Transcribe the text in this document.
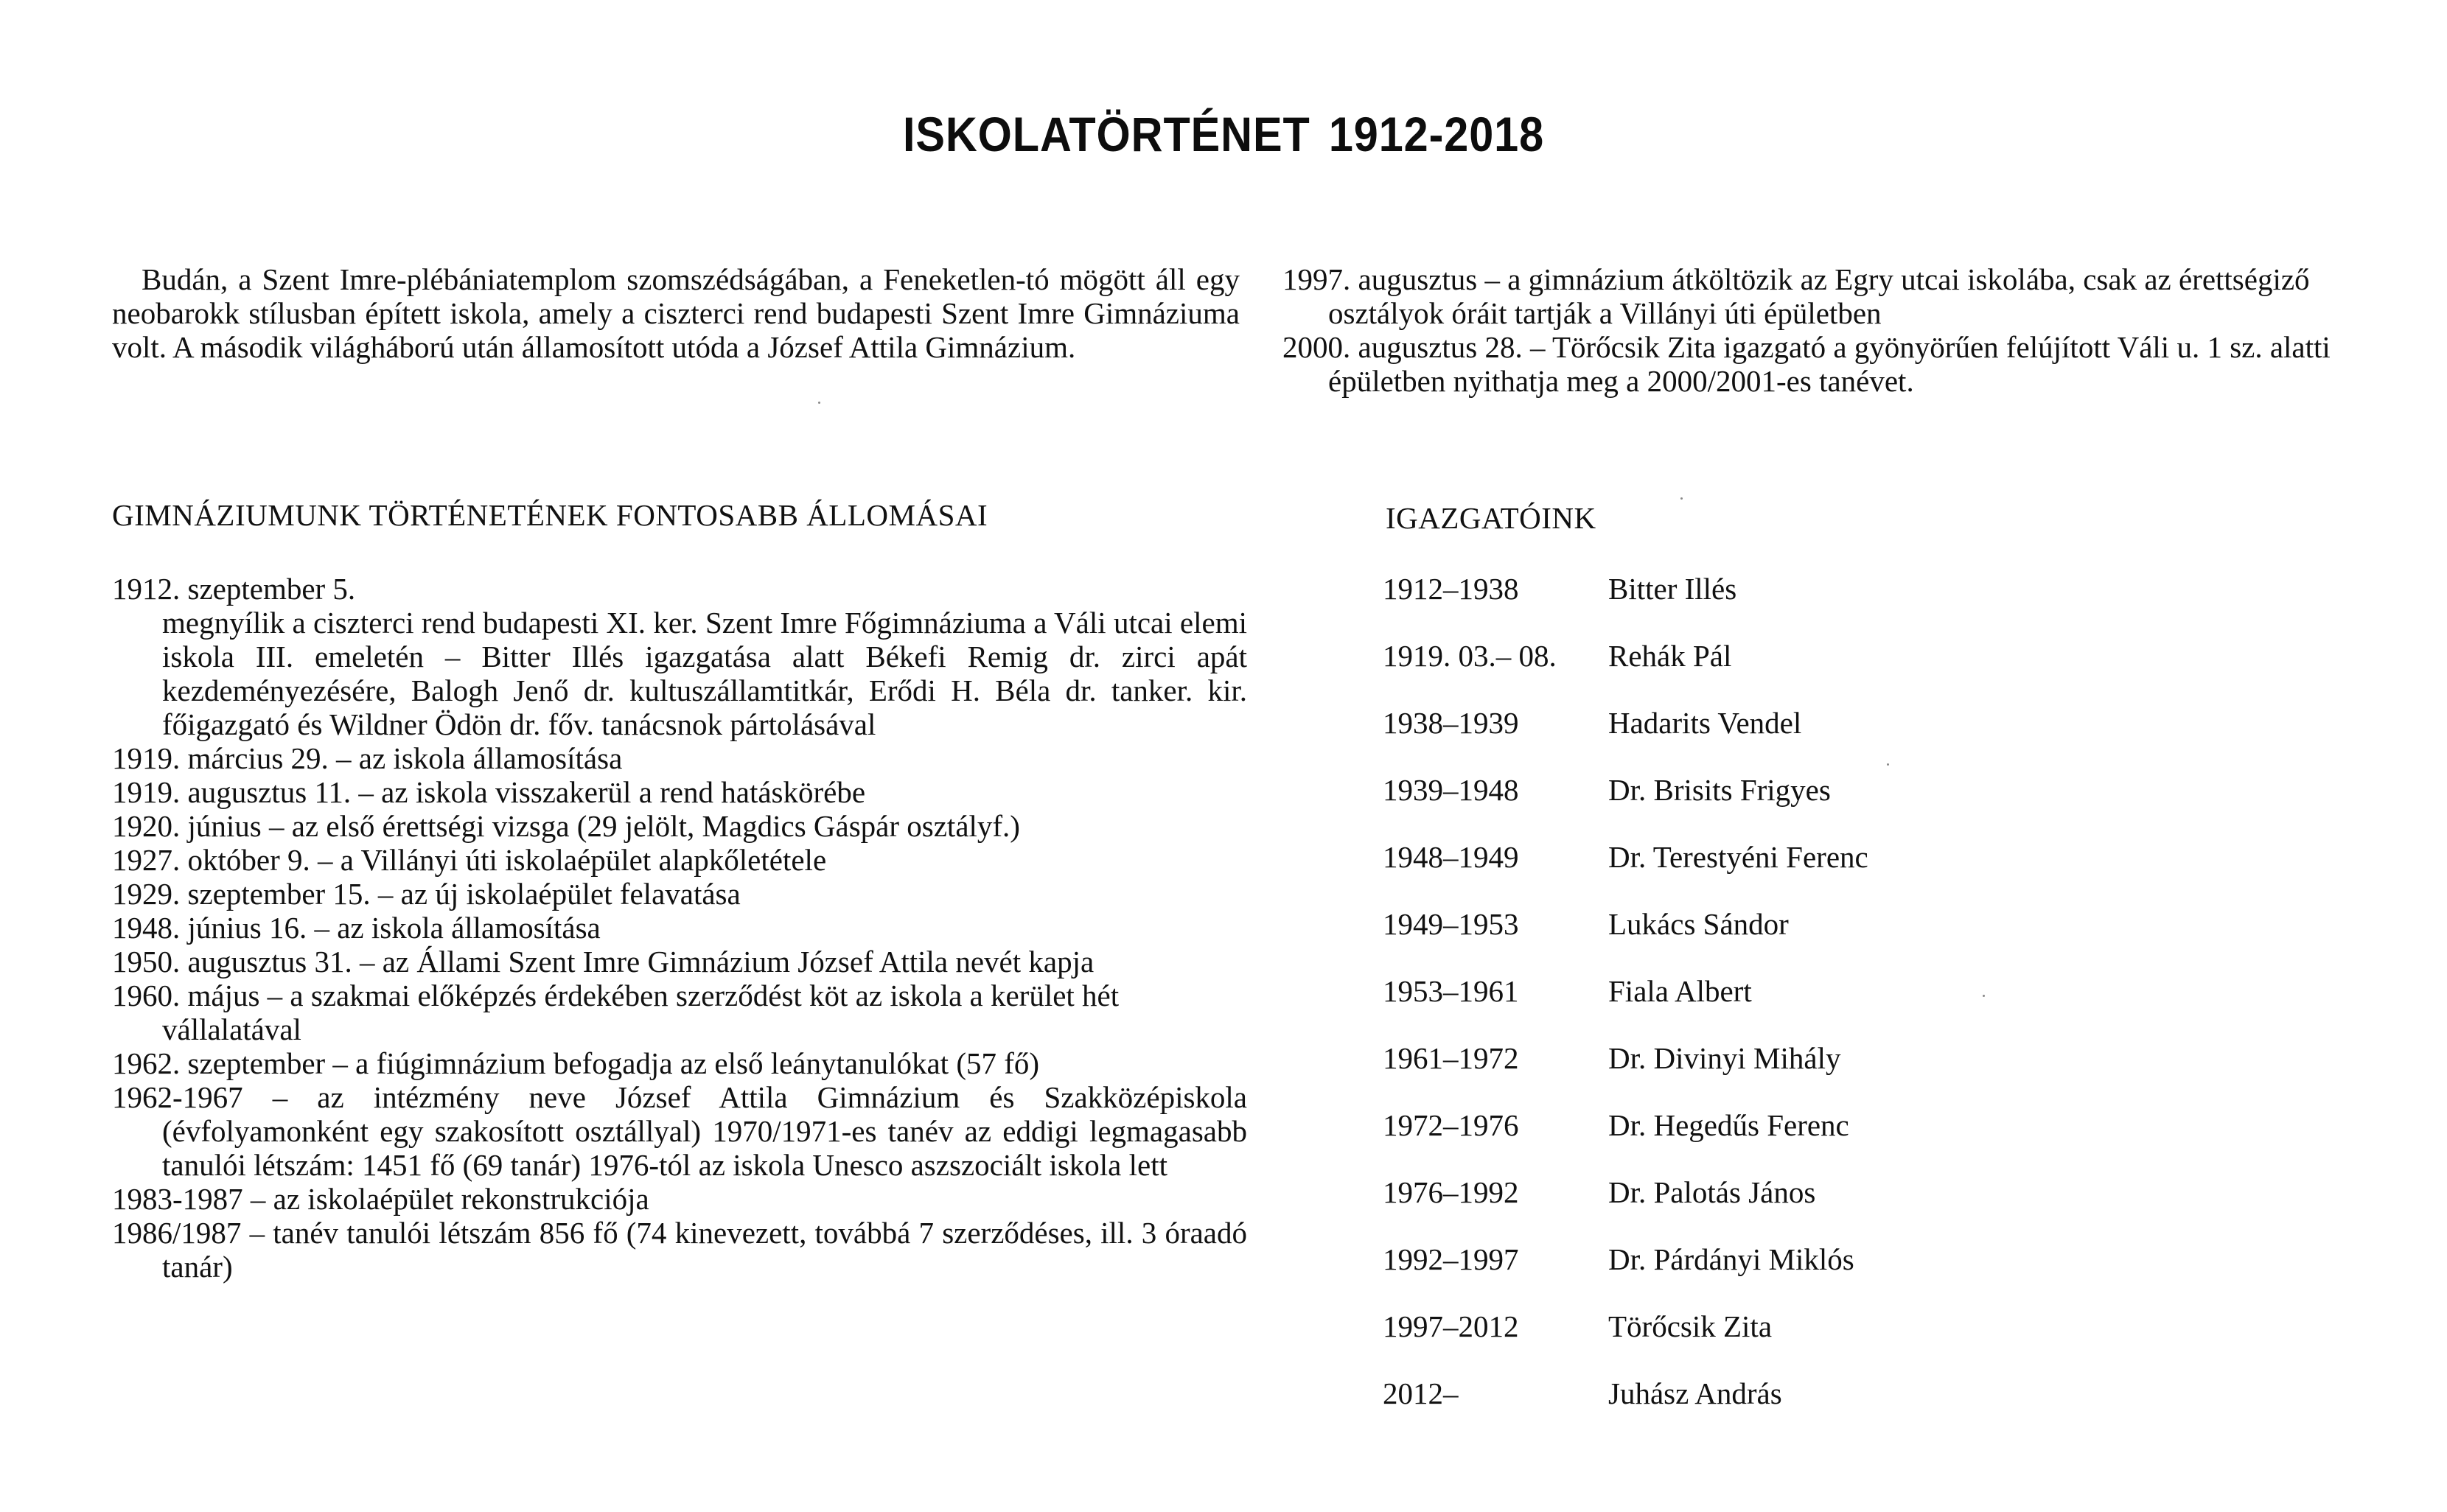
ISKOLATÖRTÉNET 1912-2018

Budán, a Szent Imre-plébániatemplom szomszédságában, a Feneketlen-tó mögött áll egy neobarokk stílusban épített iskola, amely a ciszterci rend budapesti Szent Imre Gimnáziuma volt. A második világháború után államosított utóda a József Attila Gimnázium.

1997. augusztus – a gimnázium átköltözik az Egry utcai iskolába, csak az érettségiző osztályok óráit tartják a Villányi úti épületben
2000. augusztus 28. – Törőcsik Zita igazgató a gyönyörűen felújított Váli u. 1 sz. alatti épületben nyithatja meg a 2000/2001-es tanévet.
GIMNÁZIUMUNK TÖRTÉNETÉNEK FONTOSABB ÁLLOMÁSAI
1912. szeptember 5.
megnyílik a ciszterci rend budapesti XI. ker. Szent Imre Főgimnáziuma a Váli utcai elemi iskola III. emeletén – Bitter Illés igazgatása alatt Békefi Remig dr. zirci apát kezdeményezésére, Balogh Jenő dr. kultuszállamtitkár, Erődi H. Béla dr. tanker. kir. főigazgató és Wildner Ödön dr. főv. tanácsnok pártolásával
1919. március 29. – az iskola államosítása
1919. augusztus 11. – az iskola visszakerül a rend hatáskörébe
1920. június – az első érettségi vizsga (29 jelölt, Magdics Gáspár osztályf.)
1927. október 9. – a Villányi úti iskolaépület alapkőletétele
1929. szeptember 15. – az új iskolaépület felavatása
1948. június 16. – az iskola államosítása
1950. augusztus 31. – az Állami Szent Imre Gimnázium József Attila nevét kapja
1960. május – a szakmai előképzés érdekében szerződést köt az iskola a kerület hét vállalatával
1962. szeptember – a fiúgimnázium befogadja az első leánytanulókat (57 fő)
1962-1967 – az intézmény neve József Attila Gimnázium és Szakközépiskola (évfolyamonként egy szakosított osztállyal) 1970/1971-es tanév az eddigi legmagasabb tanulói létszám: 1451 fő (69 tanár) 1976-tól az iskola Unesco aszszociált iskola lett
1983-1987 – az iskolaépület rekonstrukciója
1986/1987 – tanév tanulói létszám 856 fő (74 kinevezett, továbbá 7 szerződéses, ill. 3 óraadó tanár)
IGAZGATÓINK
1912–1938	Bitter Illés
1919. 03.– 08.	Rehák Pál
1938–1939	Hadarits Vendel
1939–1948	Dr. Brisits Frigyes
1948–1949	Dr. Terestyéni Ferenc
1949–1953	Lukács Sándor
1953–1961	Fiala Albert
1961–1972	Dr. Divinyi Mihály
1972–1976	Dr. Hegedűs Ferenc
1976–1992	Dr. Palotás János
1992–1997	Dr. Párdányi Miklós
1997–2012	Törőcsik Zita
2012–	Juhász András
